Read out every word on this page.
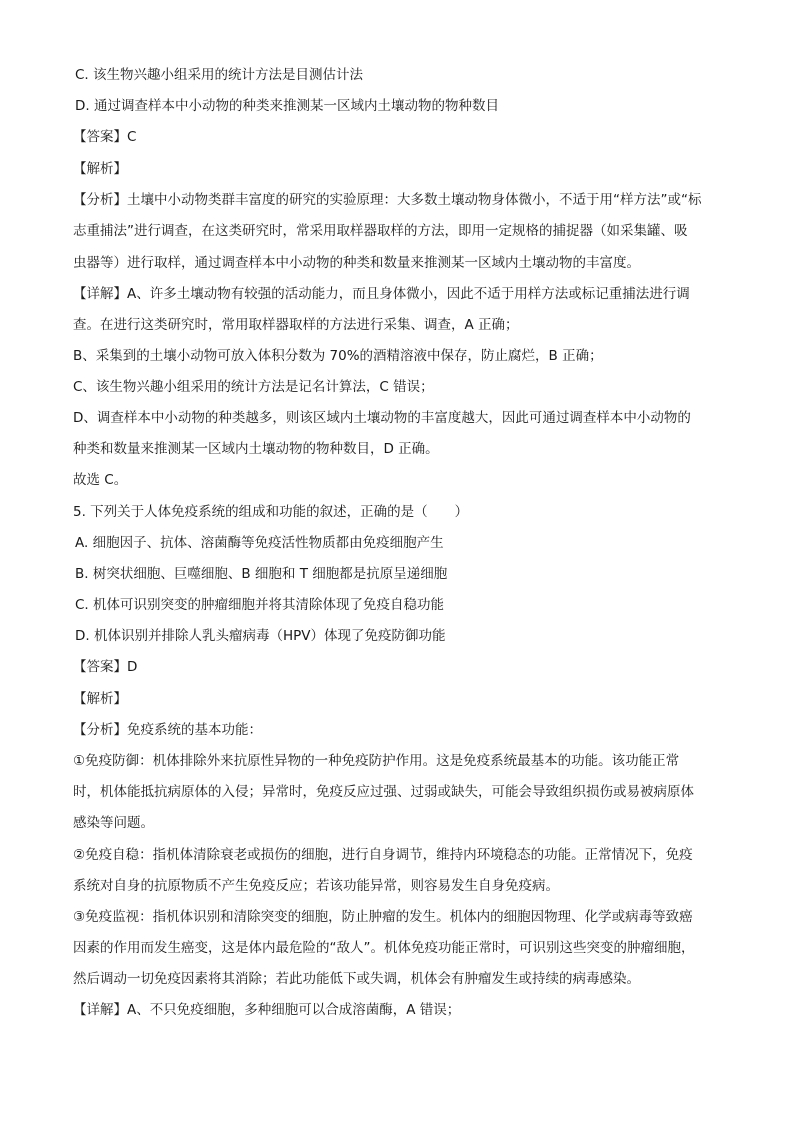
C. 该生物兴趣小组采用的统计方法是目测估计法
D. 通过调查样本中小动物的种类来推测某一区域内土壤动物的物种数目
【答案】C
【解析】
【分析】土壤中小动物类群丰富度的研究的实验原理：大多数土壤动物身体微小，不适于用“样方法”或“标
志重捕法”进行调查，在这类研究时，常采用取样器取样的方法，即用一定规格的捕捉器（如采集罐、吸
虫器等）进行取样，通过调查样本中小动物的种类和数量来推测某一区域内土壤动物的丰富度。
【详解】A、许多土壤动物有较强的活动能力，而且身体微小，因此不适于用样方法或标记重捕法进行调
查。在进行这类研究时，常用取样器取样的方法进行采集、调查，A 正确；
B、采集到的土壤小动物可放入体积分数为 70%的酒精溶液中保存，防止腐烂，B 正确；
C、该生物兴趣小组采用的统计方法是记名计算法，C 错误；
D、调查样本中小动物的种类越多，则该区域内土壤动物的丰富度越大，因此可通过调查样本中小动物的
种类和数量来推测某一区域内土壤动物的物种数目，D 正确。
故选 C。
5. 下列关于人体免疫系统的组成和功能的叙述，正确的是（　　）
A. 细胞因子、抗体、溶菌酶等免疫活性物质都由免疫细胞产生
B. 树突状细胞、巨噬细胞、B 细胞和 T 细胞都是抗原呈递细胞
C. 机体可识别突变的肿瘤细胞并将其清除体现了免疫自稳功能
D. 机体识别并排除人乳头瘤病毒（HPV）体现了免疫防御功能
【答案】D
【解析】
【分析】免疫系统的基本功能：
①免疫防御：机体排除外来抗原性异物的一种免疫防护作用。这是免疫系统最基本的功能。该功能正常
时，机体能抵抗病原体的入侵；异常时，免疫反应过强、过弱或缺失，可能会导致组织损伤或易被病原体
感染等问题。
②免疫自稳：指机体清除衰老或损伤的细胞，进行自身调节，维持内环境稳态的功能。正常情况下，免疫
系统对自身的抗原物质不产生免疫反应；若该功能异常，则容易发生自身免疫病。
③免疫监视：指机体识别和清除突变的细胞，防止肿瘤的发生。机体内的细胞因物理、化学或病毒等致癌
因素的作用而发生癌变，这是体内最危险的“敌人”。机体免疫功能正常时，可识别这些突变的肿瘤细胞，
然后调动一切免疫因素将其消除；若此功能低下或失调，机体会有肿瘤发生或持续的病毒感染。
【详解】A、不只免疫细胞，多种细胞可以合成溶菌酶，A 错误；
